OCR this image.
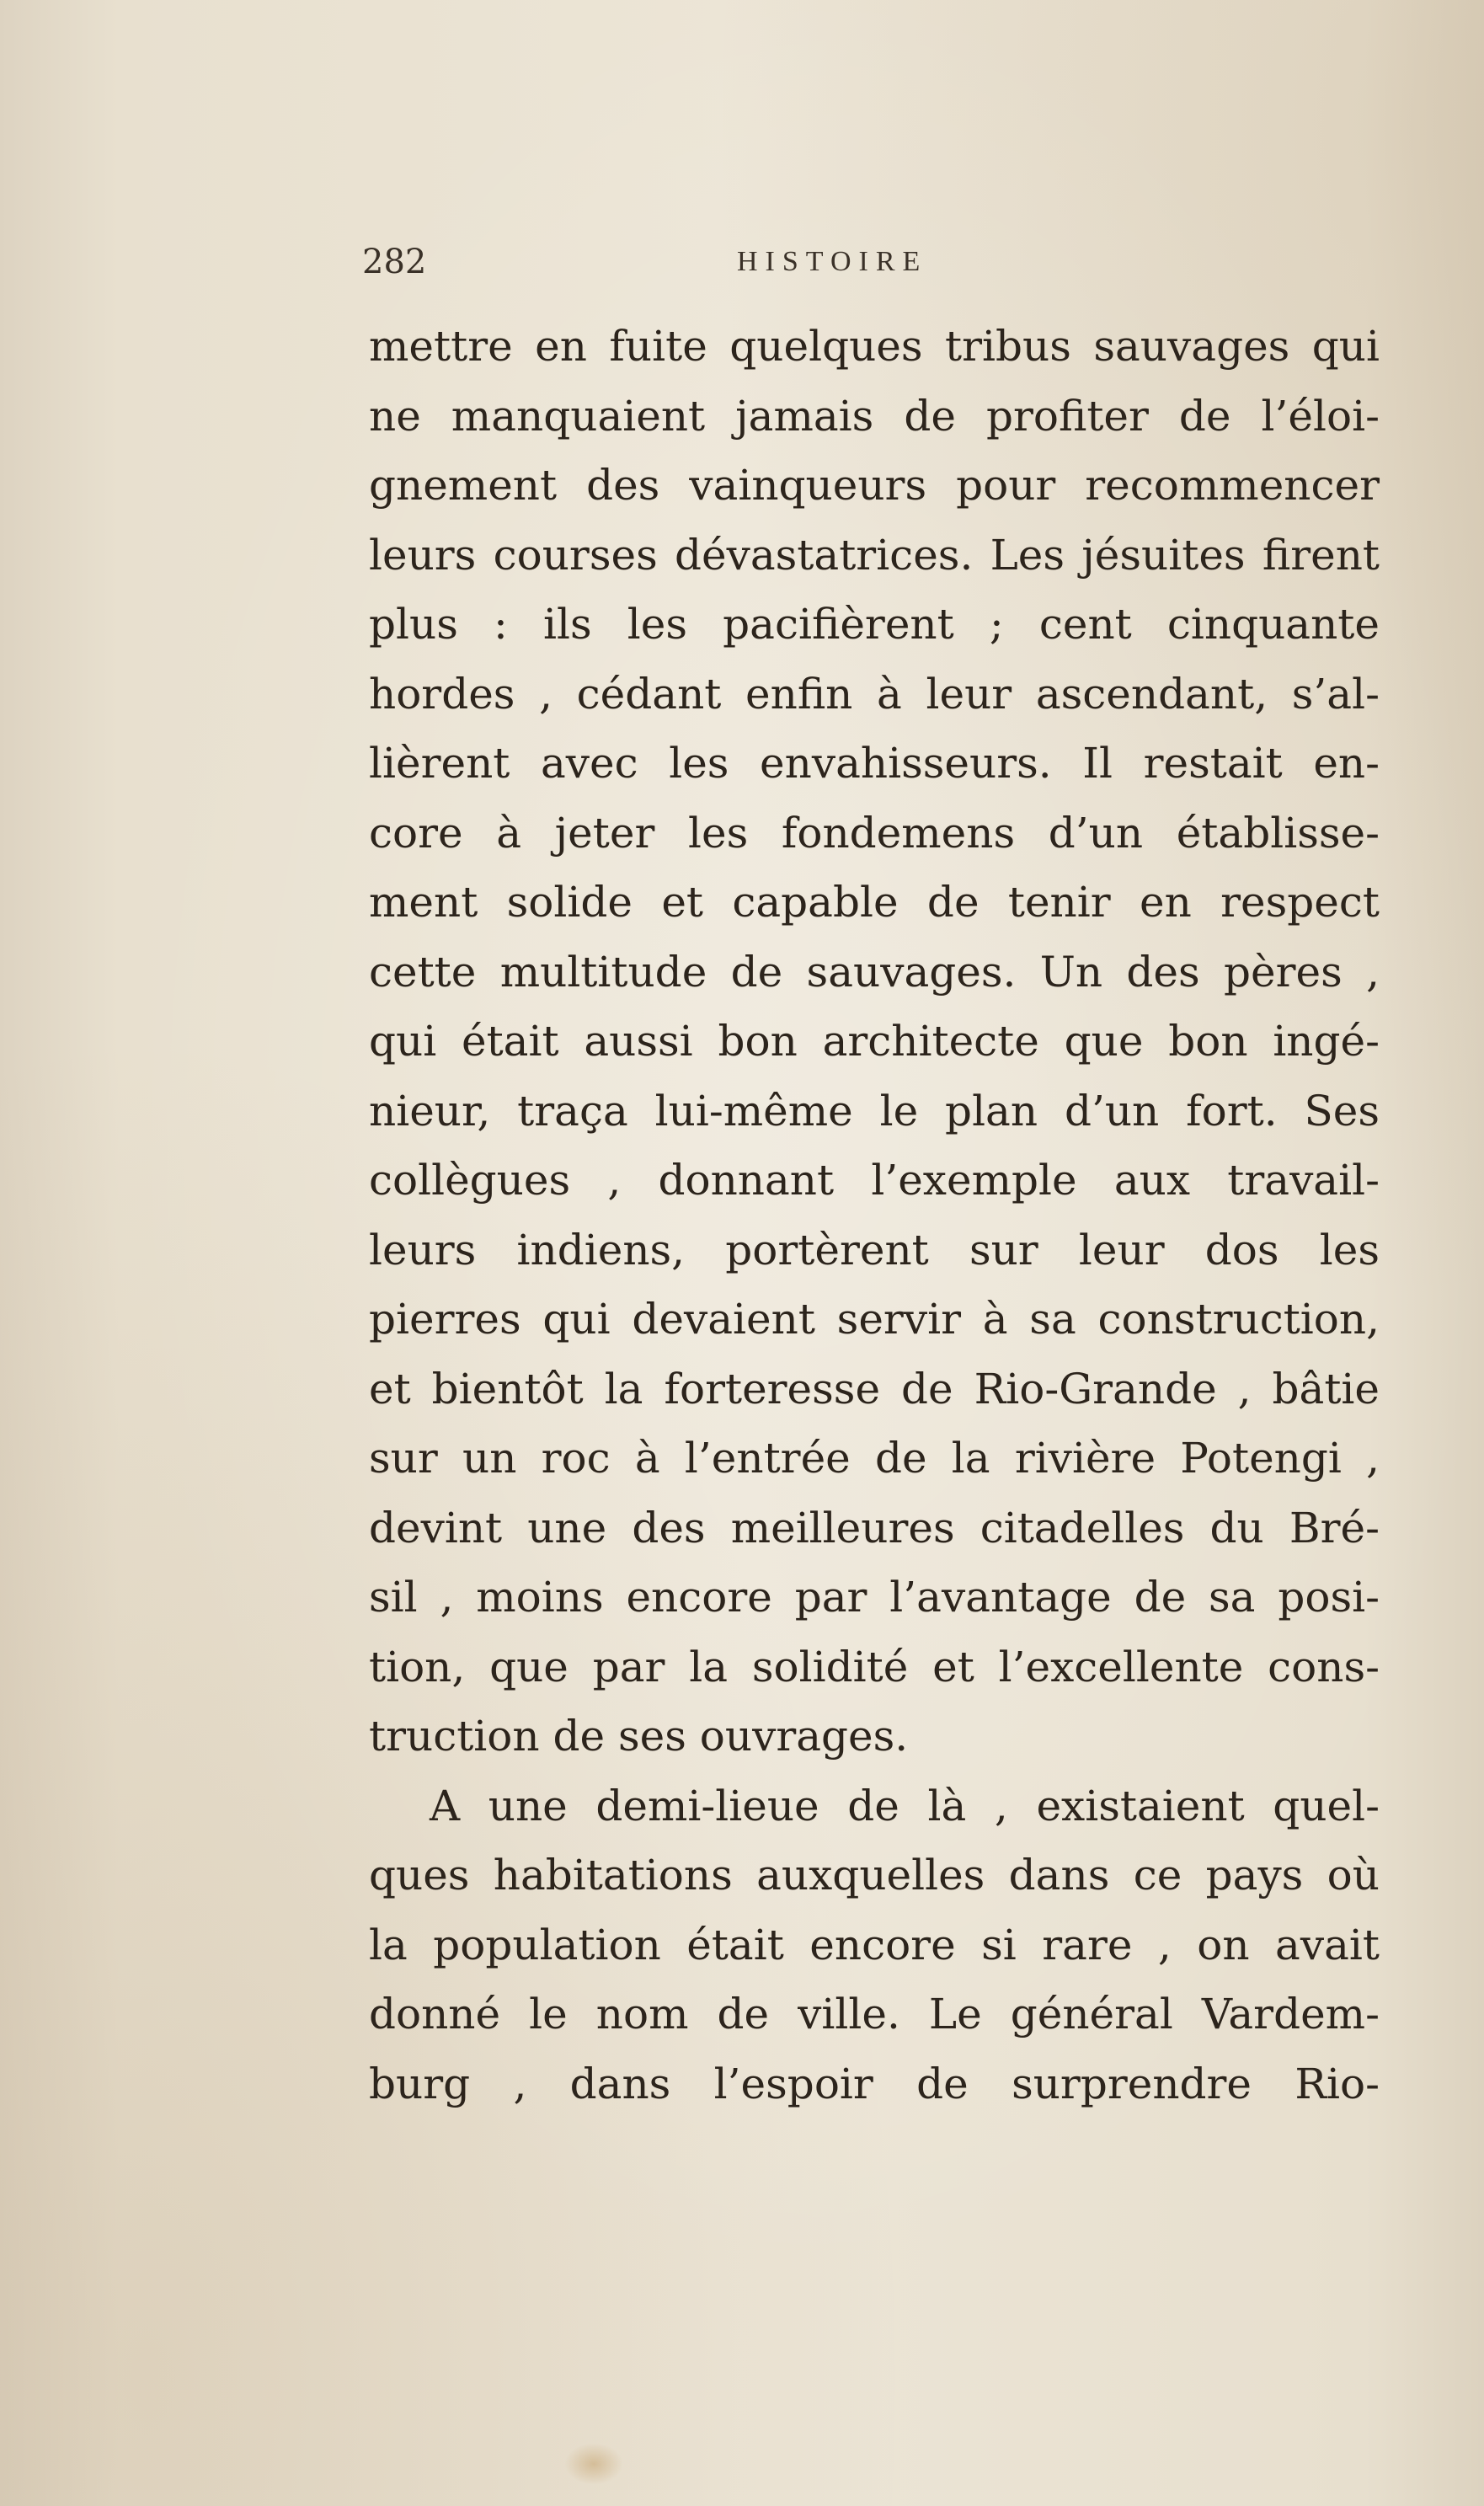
282	HISTOIRE
mettre en fuite quelques tribus sauvages qui
ne manquaient jamais de profiter de l’éloi-
gnement des vainqueurs pour recommencer
leurs courses dévastatrices. Les jésuites firent
plus : ils les pacifièrent ; cent cinquante
hordes , cédant enfin à leur ascendant, s’al-
lièrent avec les envahisseurs. Il restait en-
core à jeter les fondemens d’un établisse-
ment solide et capable de tenir en respect
cette multitude de sauvages. Un des pères ,
qui était aussi bon architecte que bon ingé-
nieur, traça lui-même le plan d’un fort. Ses
collègues , donnant l’exemple aux travail-
leurs indiens, portèrent sur leur dos les
pierres qui devaient servir à sa construction,
et bientôt la forteresse de Rio-Grande , bâtie
sur un roc à l’entrée de la rivière Potengi ,
devint une des meilleures citadelles du Bré-
sil , moins encore par l’avantage de sa posi-
tion, que par la solidité et l’excellente cons-
truction de ses ouvrages.
A une demi-lieue de là , existaient quel-
ques habitations auxquelles dans ce pays où
la population était encore si rare , on avait
donné le nom de ville. Le général Vardem-
burg , dans l’espoir de surprendre Rio-
